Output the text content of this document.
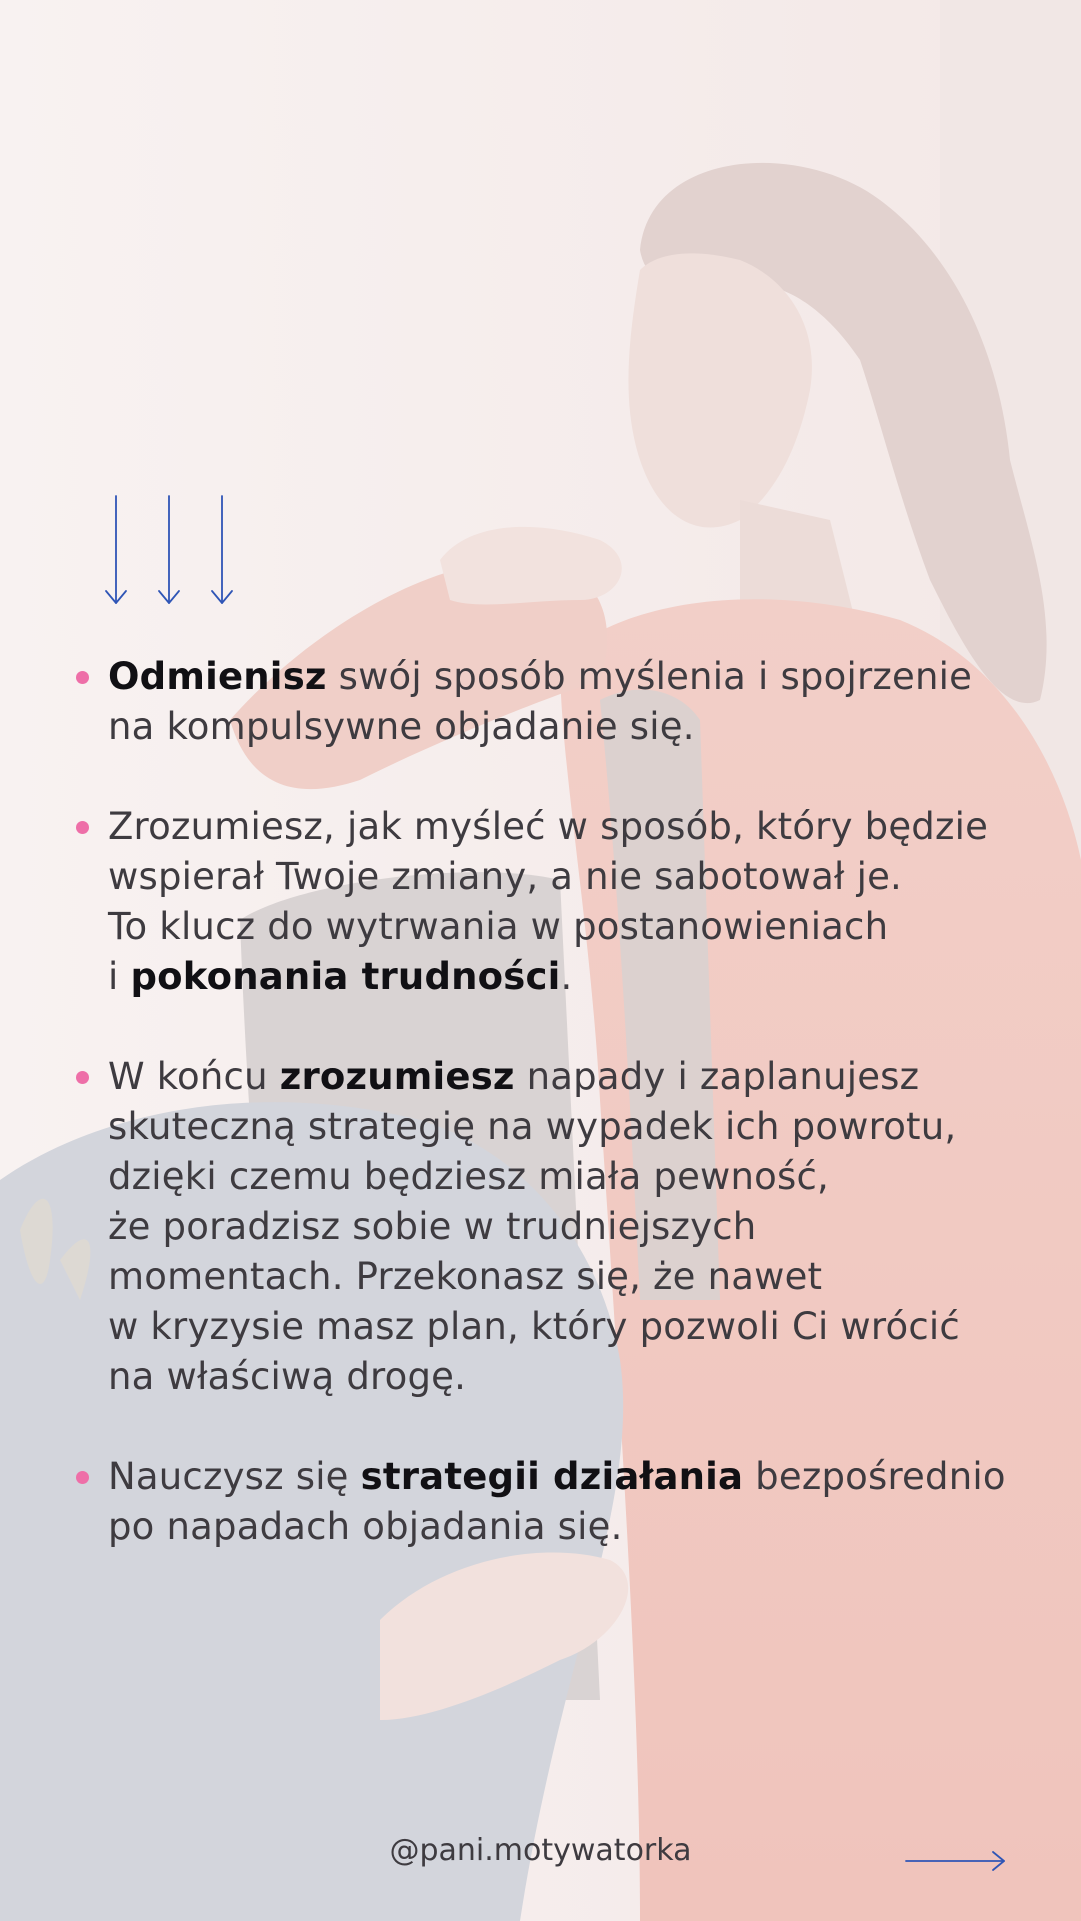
Odmienisz swój sposób myślenia i spojrzenie
na kompulsywne objadanie się.
Zrozumiesz, jak myśleć w sposób, który będzie
wspierał Twoje zmiany, a nie sabotował je.
To klucz do wytrwania w postanowieniach
i pokonania trudności.
W końcu zrozumiesz napady i zaplanujesz
skuteczną strategię na wypadek ich powrotu,
dzięki czemu będziesz miała pewność,
że poradzisz sobie w trudniejszych
momentach. Przekonasz się, że nawet
w kryzysie masz plan, który pozwoli Ci wrócić
na właściwą drogę.
Nauczysz się strategii działania bezpośrednio
po napadach objadania się.
@pani.motywatorka
